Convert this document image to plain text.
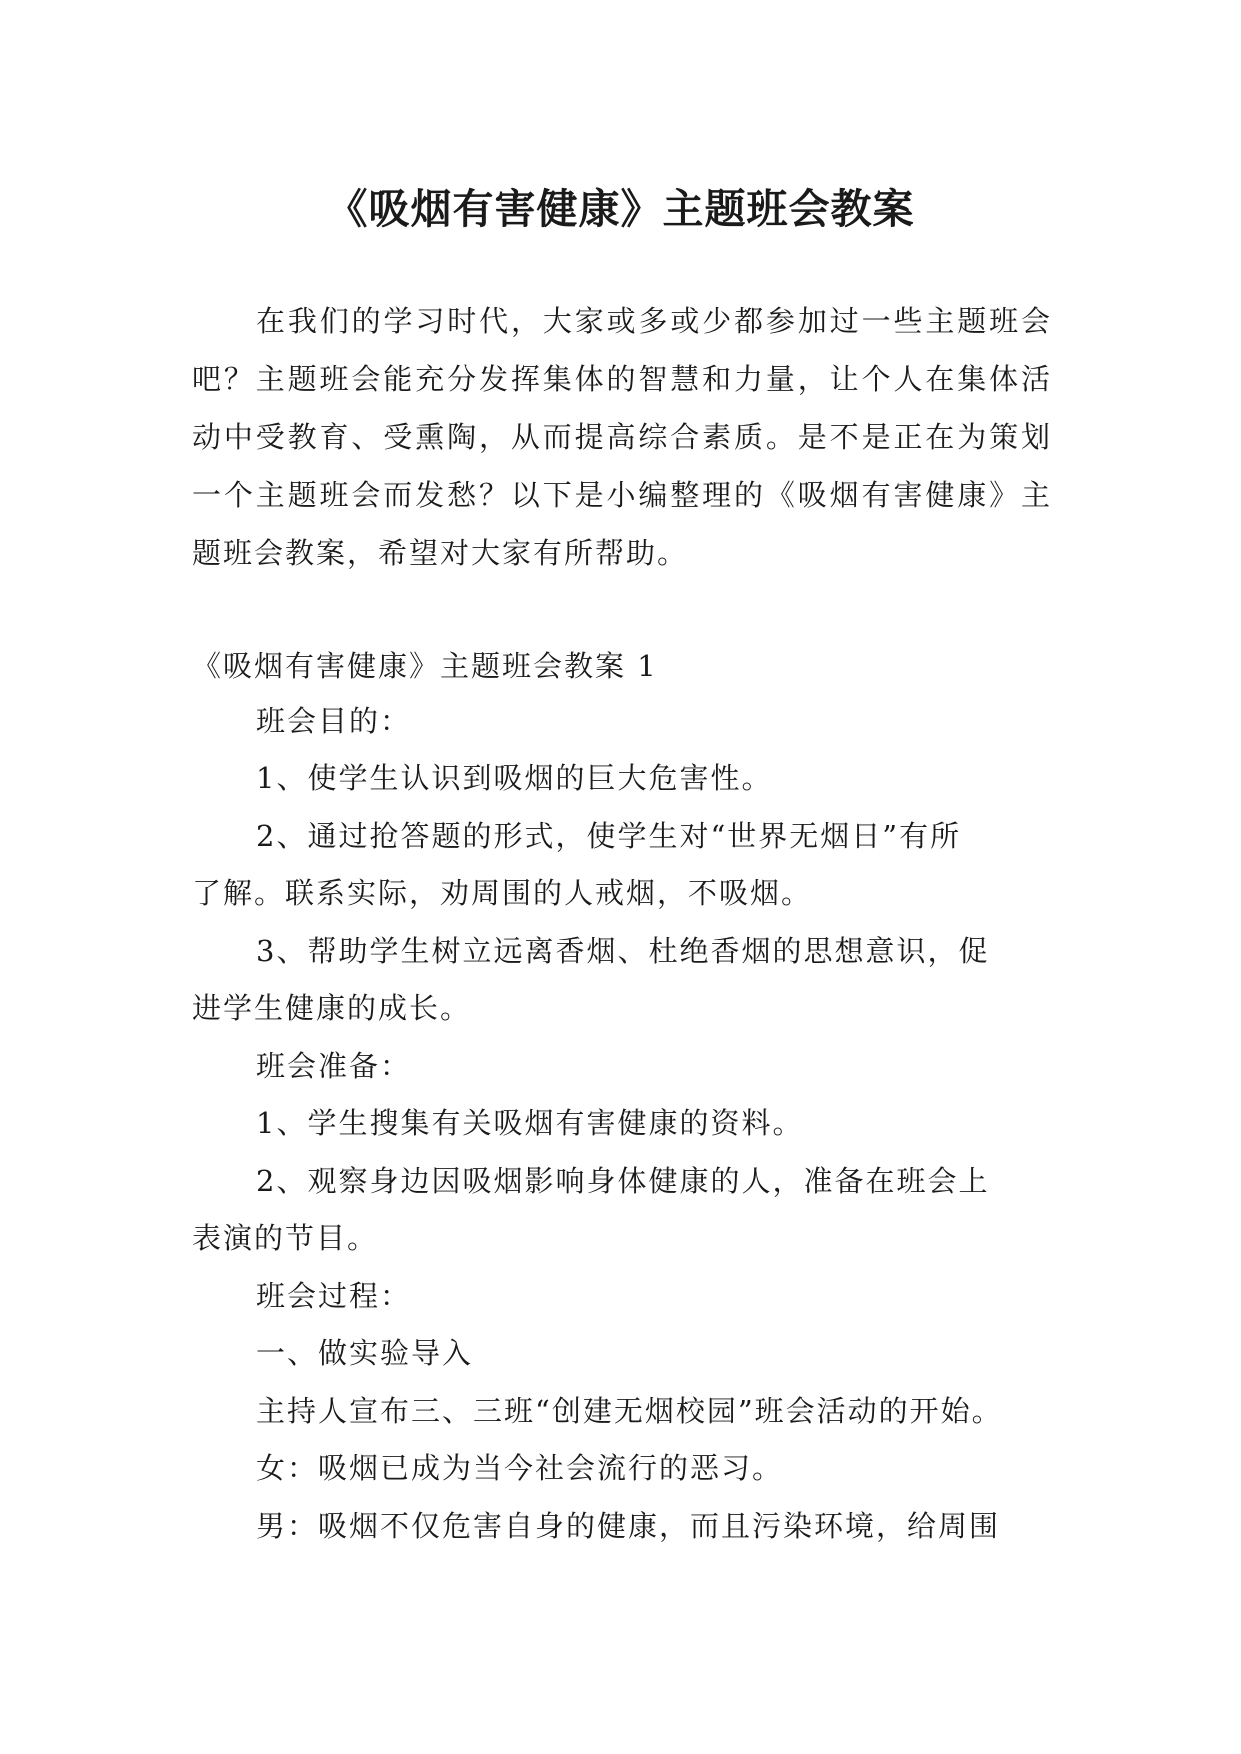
《吸烟有害健康》主题班会教案

在我们的学习时代，大家或多或少都参加过一些主题班会吧？主题班会能充分发挥集体的智慧和力量，让个人在集体活动中受教育、受熏陶，从而提高综合素质。是不是正在为策划一个主题班会而发愁？以下是小编整理的《吸烟有害健康》主题班会教案，希望对大家有所帮助。

《吸烟有害健康》主题班会教案 1

班会目的：

1、使学生认识到吸烟的巨大危害性。

2、通过抢答题的形式，使学生对“世界无烟日”有所

了解。联系实际，劝周围的人戒烟，不吸烟。

3、帮助学生树立远离香烟、杜绝香烟的思想意识，促

进学生健康的成长。

班会准备：

1、学生搜集有关吸烟有害健康的资料。

2、观察身边因吸烟影响身体健康的人，准备在班会上

表演的节目。

班会过程：

一、做实验导入

主持人宣布三、三班“创建无烟校园”班会活动的开始。

女：吸烟已成为当今社会流行的恶习。

男：吸烟不仅危害自身的健康，而且污染环境，给周围
